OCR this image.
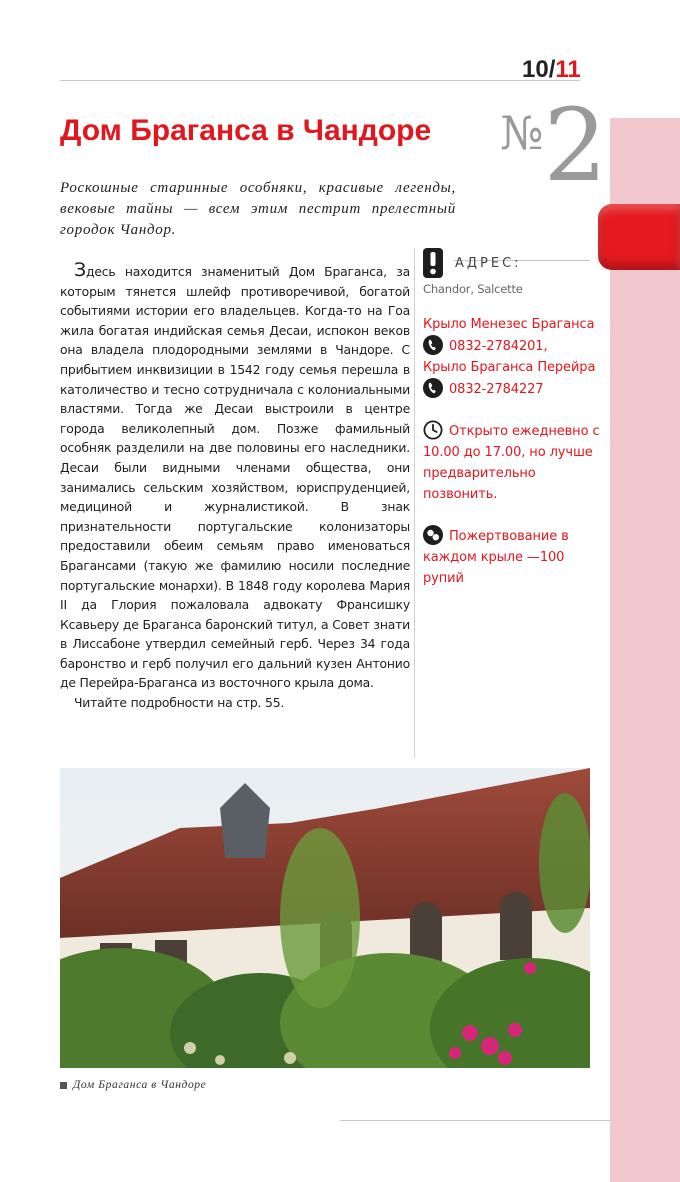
10/11
Дом Браганса в Чандоре №2

Роскошные старинные особняки, красивые легенды, вековые тайны — всем этим пестрит прелестный городок Чандор.

Здесь находится знаменитый Дом Браганса, за которым тянется шлейф противоречивой, богатой событиями истории его владельцев. Когда-то на Гоа жила богатая индийская семья Десаи, испокон веков она владела плодородными землями в Чандоре. С прибытием инквизиции в 1542 году семья перешла в католичество и тесно сотрудничала с колониальными властями. Тогда же Десаи выстроили в центре города великолепный дом. Позже фамильный особняк разделили на две половины его наследники. Десаи были видными членами общества, они занимались сельским хозяйством, юриспруденцией, медициной и журналистикой. В знак признательности португальские колонизаторы предоставили обеим семьям право именоваться Брагансами (такую же фамилию носили последние португальские монархи). В 1848 году королева Мария II да Глория пожаловала адвокату Франсишку Ксавьеру де Браганса баронский титул, а Совет знати в Лиссабоне утвердил семейный герб. Через 34 года баронство и герб получил его дальний кузен Антонио де Перейра-Браганса из восточного крыла дома.

Читайте подробности на стр. 55.

АДРЕС:
Chandor, Salcette
Крыло Менезес Браганса
0832-2784201,
Крыло Браганса Перейра
0832-2784227
Открыто ежедневно с 10.00 до 17.00, но лучше предварительно позвонить.
Пожертвование в каждом крыле —100 рупий
Дом Браганса в Чандоре
